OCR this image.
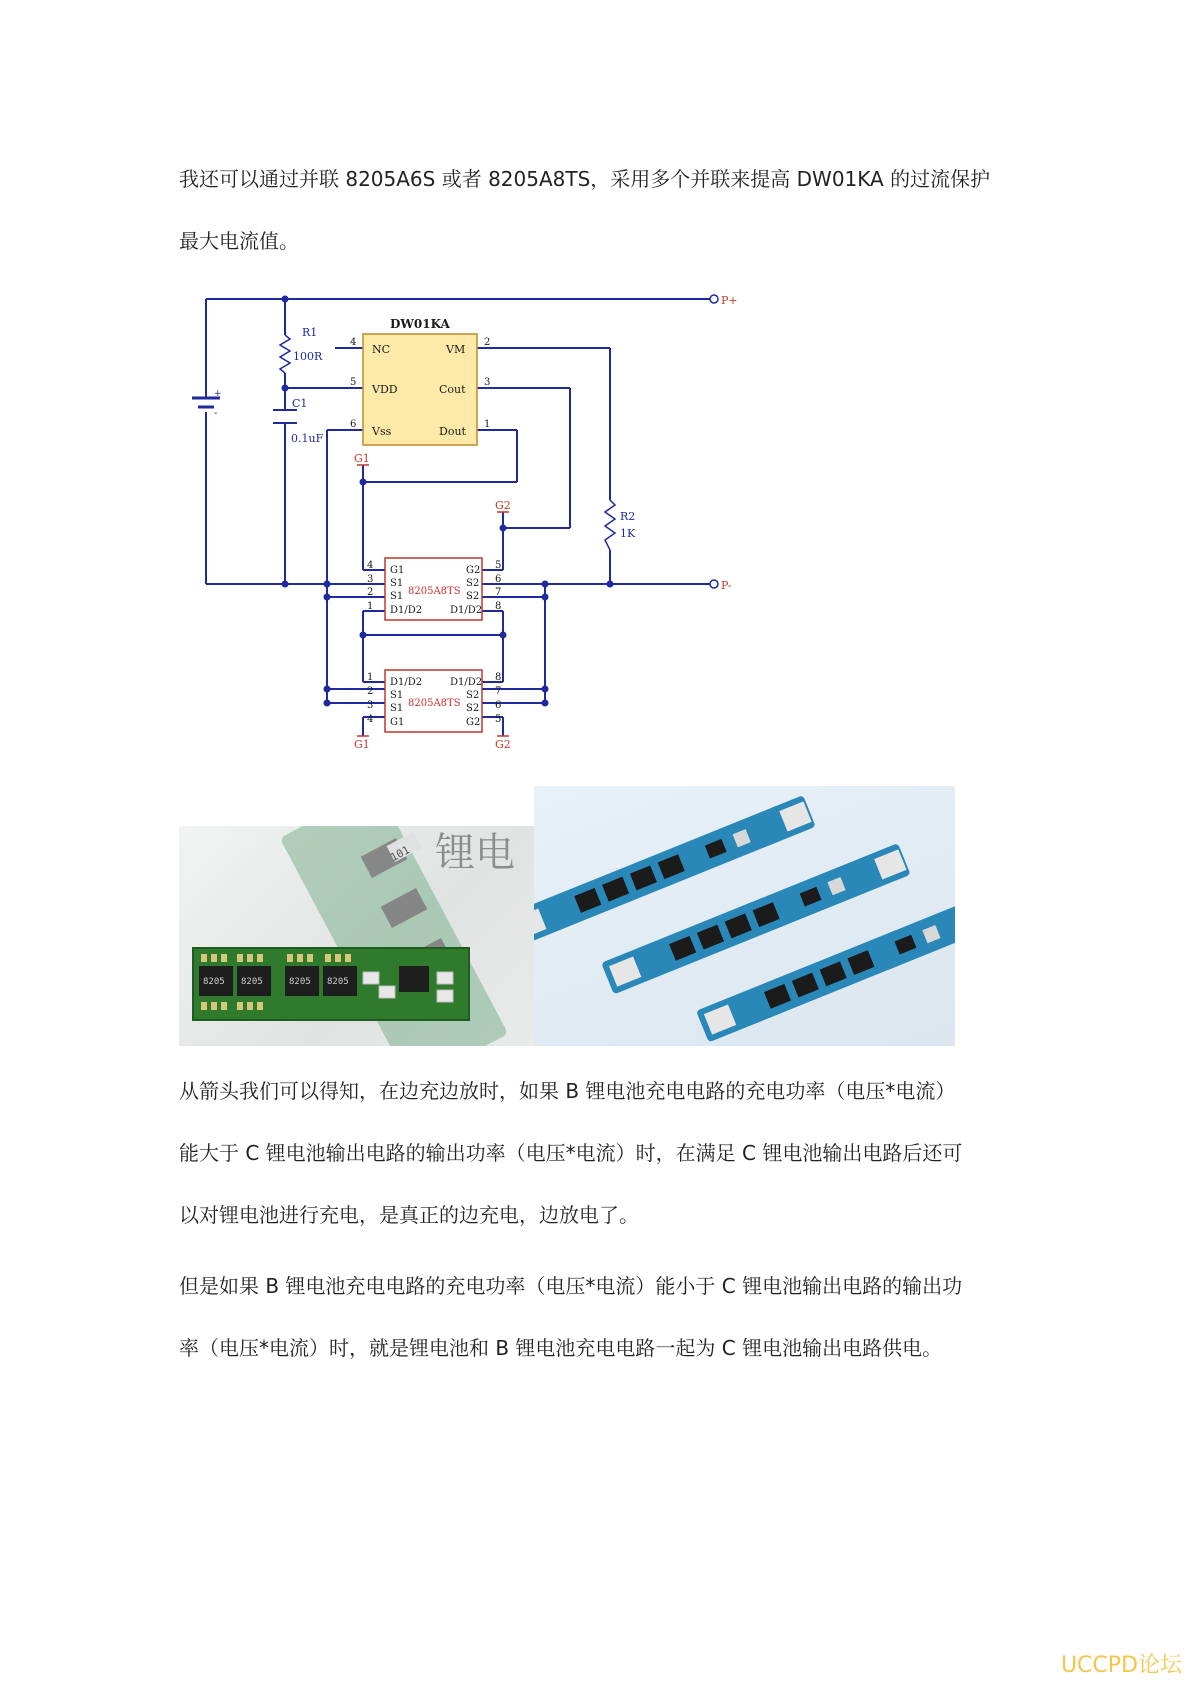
我还可以通过并联 8205A6S 或者 8205A8TS，采用多个并联来提高 DW01KA 的过流保护
最大电流值。
P+
P-
+
-
R1
100R
C1
0.1uF
R2
1K
DW01KA
NC	VM
VDD	Cout
Vss	Dout
4	2
5	3
6	1
G1
G2
G1	G2
G1
S1
S1
D1/D2
G2
S2
S2
D1/D2
4
3
2
1
5
6
7
8
8205A8TS
D1/D2
S1
S1
G1
D1/D2
S2
S2
G2
1
2
3
4
8
7
6
5
8205A8TS
锂电
101
8205 8205	8205 8205
从箭头我们可以得知，在边充边放时，如果 B 锂电池充电电路的充电功率（电压*电流）
能大于 C 锂电池输出电路的输出功率（电压*电流）时，在满足 C 锂电池输出电路后还可
以对锂电池进行充电，是真正的边充电，边放电了。
但是如果 B 锂电池充电电路的充电功率（电压*电流）能小于 C 锂电池输出电路的输出功
率（电压*电流）时，就是锂电池和 B 锂电池充电电路一起为 C 锂电池输出电路供电。
UCCPD论坛
